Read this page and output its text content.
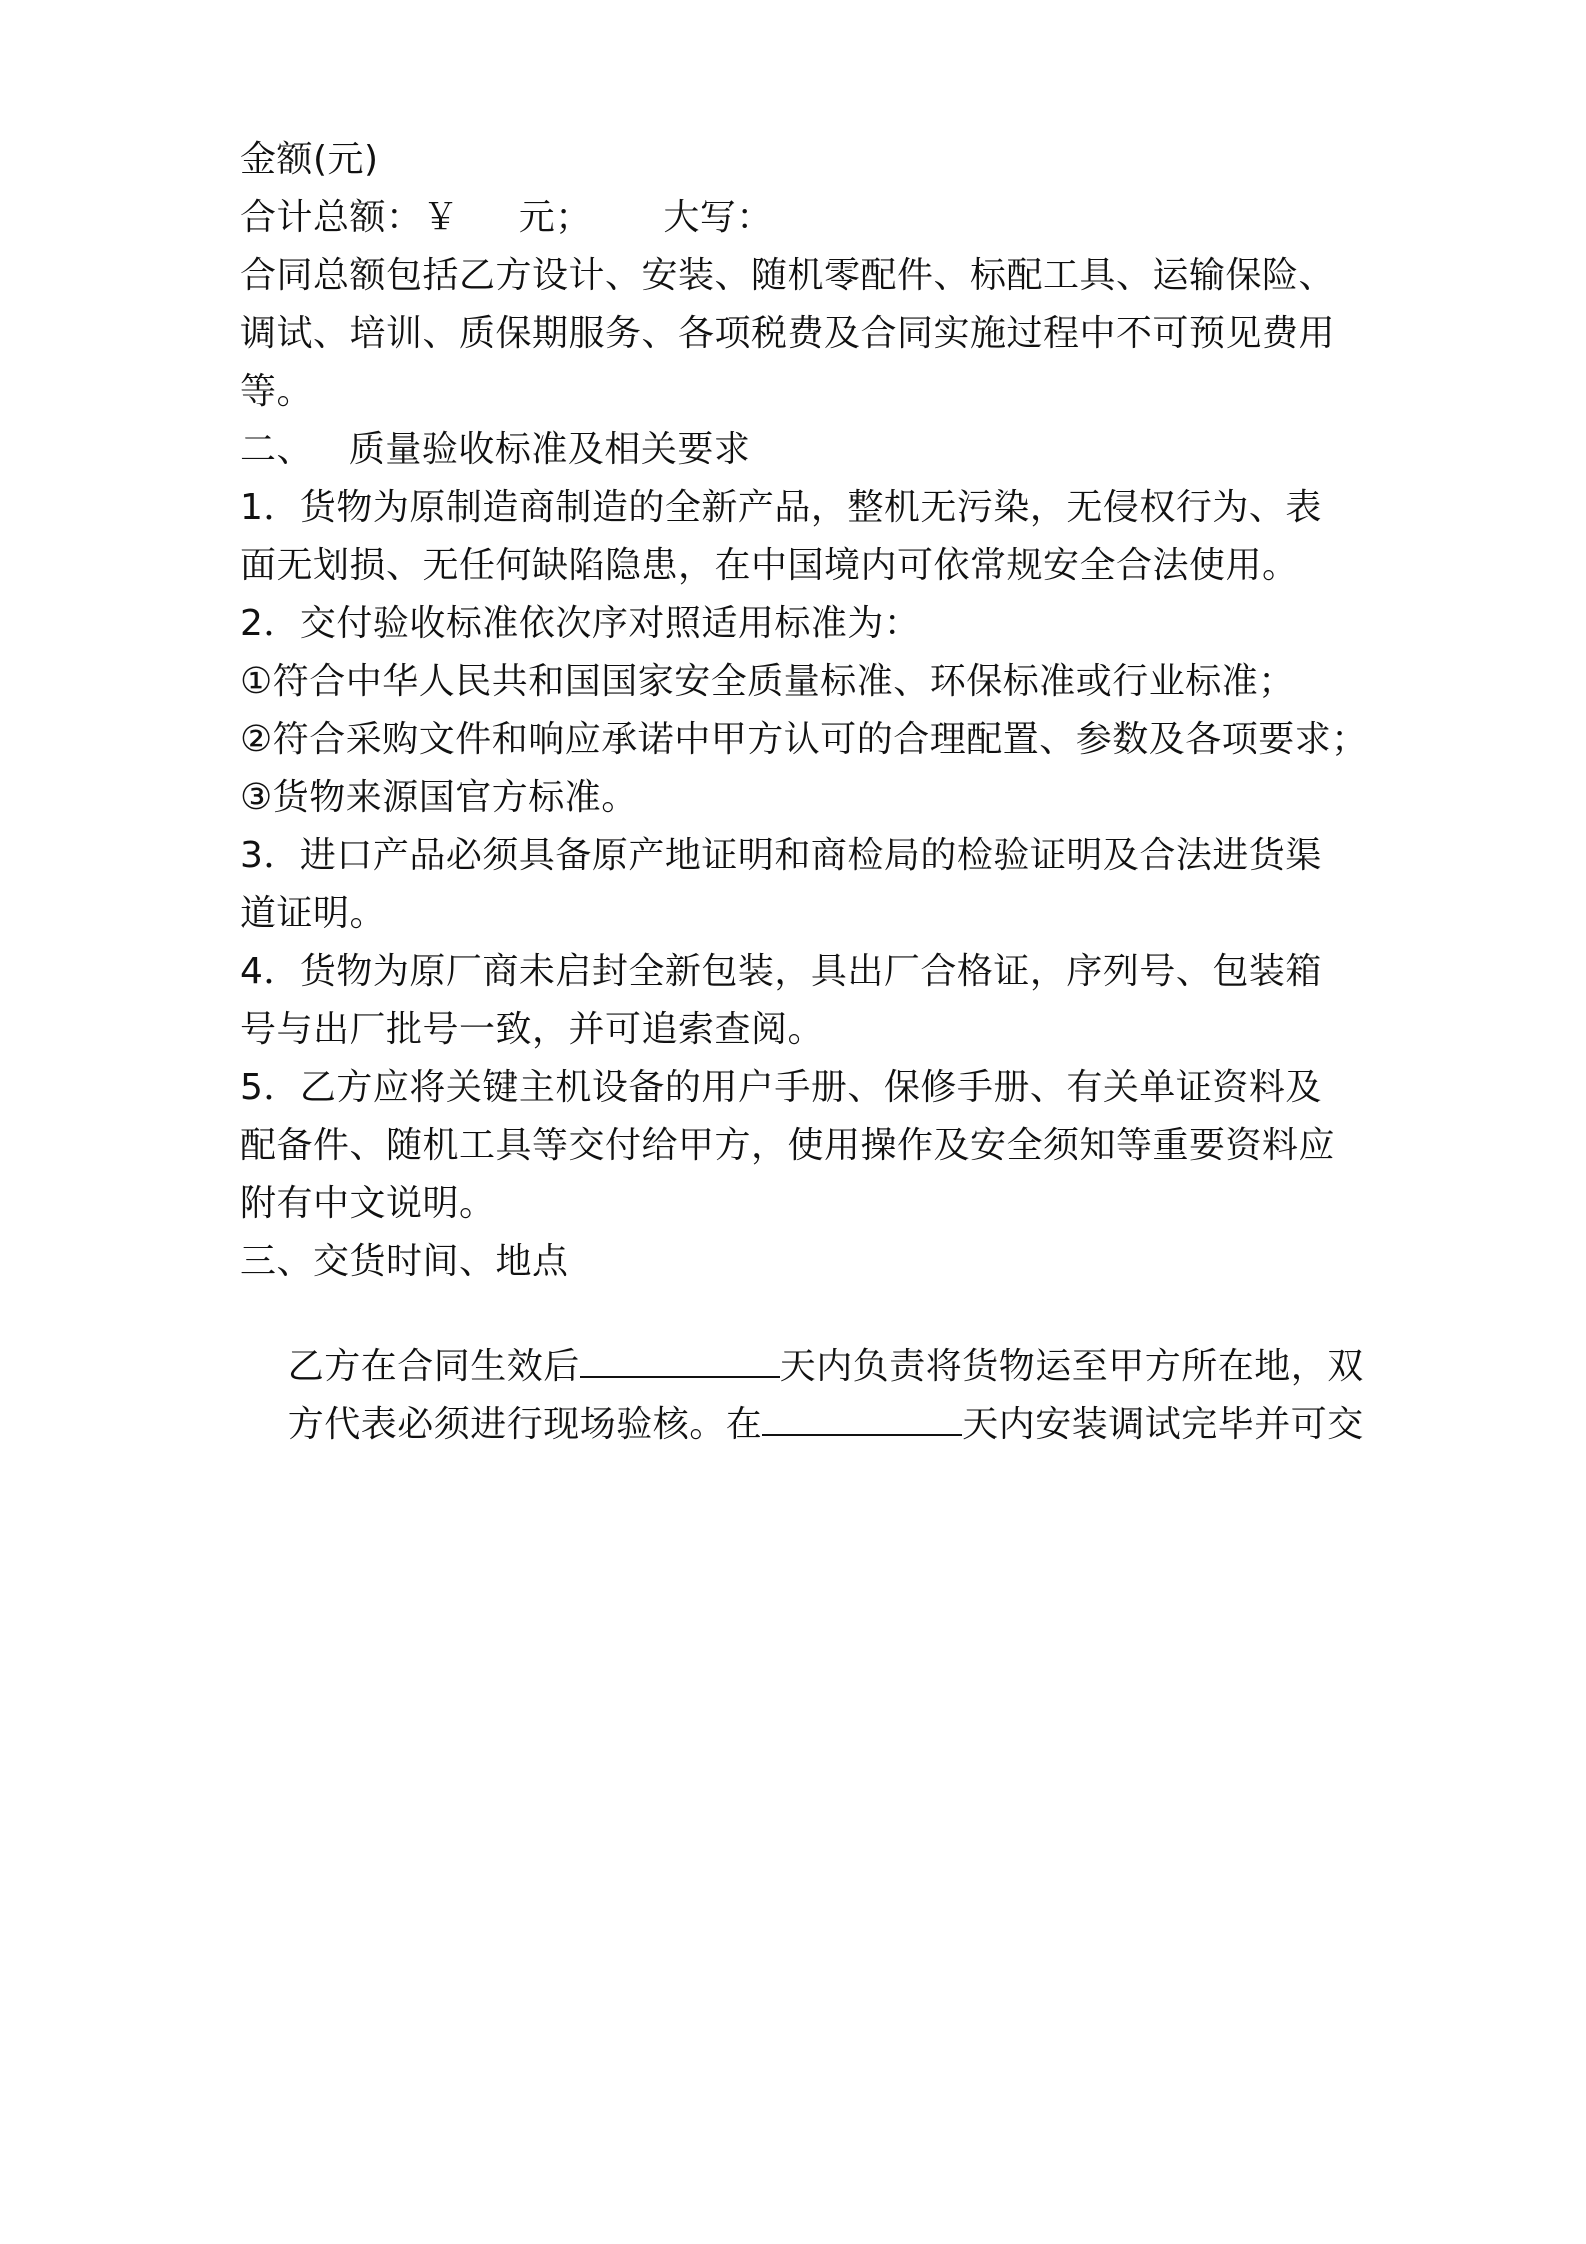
金额(元)
合计总额：￥     元；      大写：
合同总额包括乙方设计、安装、随机零配件、标配工具、运输保险、
调试、培训、质保期服务、各项税费及合同实施过程中不可预见费用
等。
二、   质量验收标准及相关要求
1．货物为原制造商制造的全新产品，整机无污染，无侵权行为、表
面无划损、无任何缺陷隐患，在中国境内可依常规安全合法使用。
2．交付验收标准依次序对照适用标准为：
①符合中华人民共和国国家安全质量标准、环保标准或行业标准；
②符合采购文件和响应承诺中甲方认可的合理配置、参数及各项要求；
③货物来源国官方标准。
3．进口产品必须具备原产地证明和商检局的检验证明及合法进货渠
道证明。
4．货物为原厂商未启封全新包装，具出厂合格证，序列号、包装箱
号与出厂批号一致，并可追索查阅。
5．乙方应将关键主机设备的用户手册、保修手册、有关单证资料及
配备件、随机工具等交付给甲方，使用操作及安全须知等重要资料应
附有中文说明。
三、交货时间、地点

乙方在合同生效后	天内负责将货物运至甲方所在地，双

方代表必须进行现场验核。在	天内安装调试完毕并可交
